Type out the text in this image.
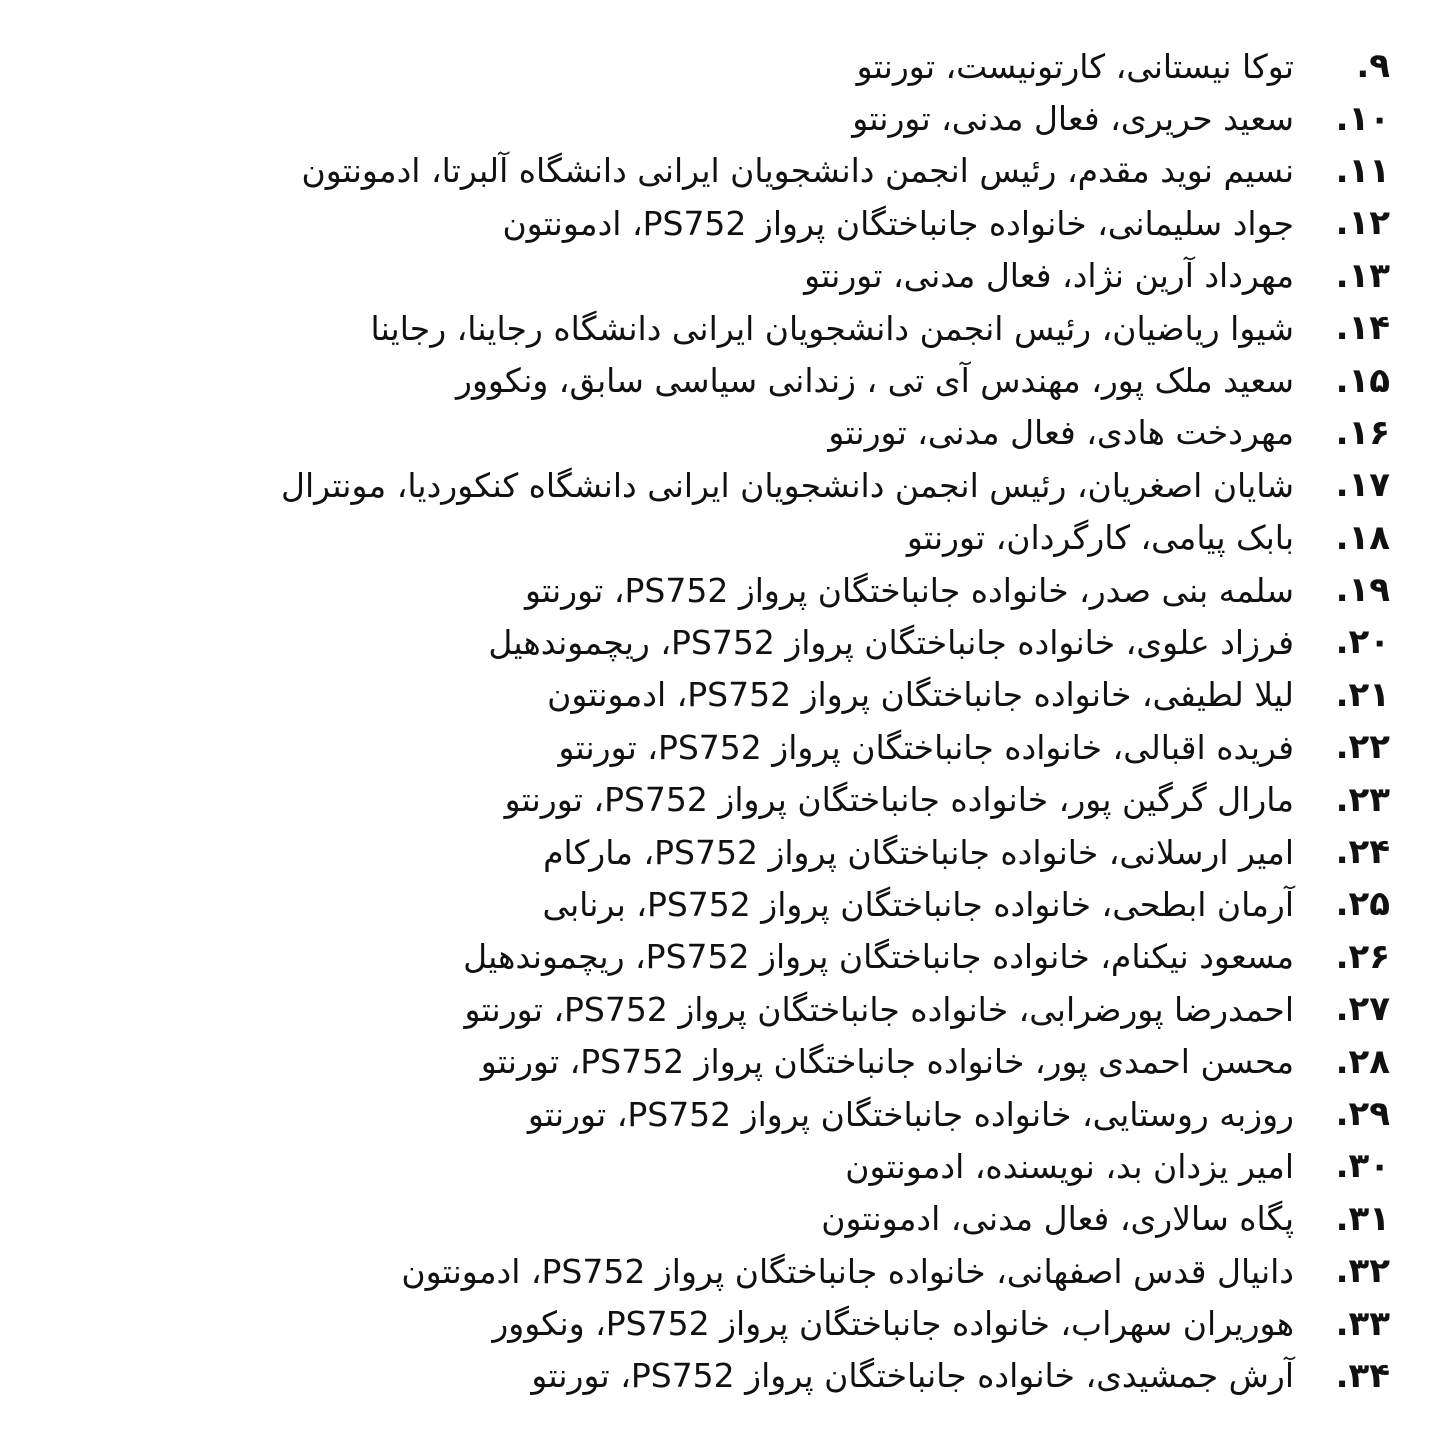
۹.
توکا نیستانی، کارتونیست، تورنتو
۱۰.
سعید حریری، فعال مدنی، تورنتو
۱۱.
نسیم نوید مقدم، رئیس انجمن دانشجویان ایرانی دانشگاه آلبرتا، ادمونتون
۱۲.
جواد سلیمانی، خانواده جانباختگان پرواز PS752، ادمونتون
۱۳.
مهرداد آرین نژاد، فعال مدنی، تورنتو
۱۴.
شیوا ریاضیان، رئیس انجمن دانشجویان ایرانی دانشگاه رجاینا، رجاینا
۱۵.
سعید ملک پور، مهندس آی تی ، زندانی سیاسی سابق، ونکوور
۱۶.
مهردخت هادی، فعال مدنی، تورنتو
۱۷.
شایان اصغریان، رئیس انجمن دانشجویان ایرانی دانشگاه کنکوردیا، مونترال
۱۸.
بابک پیامی، کارگردان، تورنتو
۱۹.
سلمه بنی صدر، خانواده جانباختگان پرواز PS752، تورنتو
۲۰.
فرزاد علوی، خانواده جانباختگان پرواز PS752، ریچموندهیل
۲۱.
لیلا لطیفی، خانواده جانباختگان پرواز PS752، ادمونتون
۲۲.
فریده اقبالی، خانواده جانباختگان پرواز PS752، تورنتو
۲۳.
مارال گرگین پور، خانواده جانباختگان پرواز PS752، تورنتو
۲۴.
امیر ارسلانی، خانواده جانباختگان پرواز PS752، مارکام
۲۵.
آرمان ابطحی، خانواده جانباختگان پرواز PS752، برنابی
۲۶.
مسعود نیکنام، خانواده جانباختگان پرواز PS752، ریچموندهیل
۲۷.
احمدرضا پورضرابی، خانواده جانباختگان پرواز PS752، تورنتو
۲۸.
محسن احمدی پور، خانواده جانباختگان پرواز PS752، تورنتو
۲۹.
روزبه روستایی، خانواده جانباختگان پرواز PS752، تورنتو
۳۰.
امیر یزدان بد، نویسنده، ادمونتون
۳۱.
پگاه سالاری، فعال مدنی، ادمونتون
۳۲.
دانیال قدس اصفهانی، خانواده جانباختگان پرواز PS752، ادمونتون
۳۳.
هوریران سهراب، خانواده جانباختگان پرواز PS752، ونکوور
۳۴.
آرش جمشیدی، خانواده جانباختگان پرواز PS752، تورنتو
